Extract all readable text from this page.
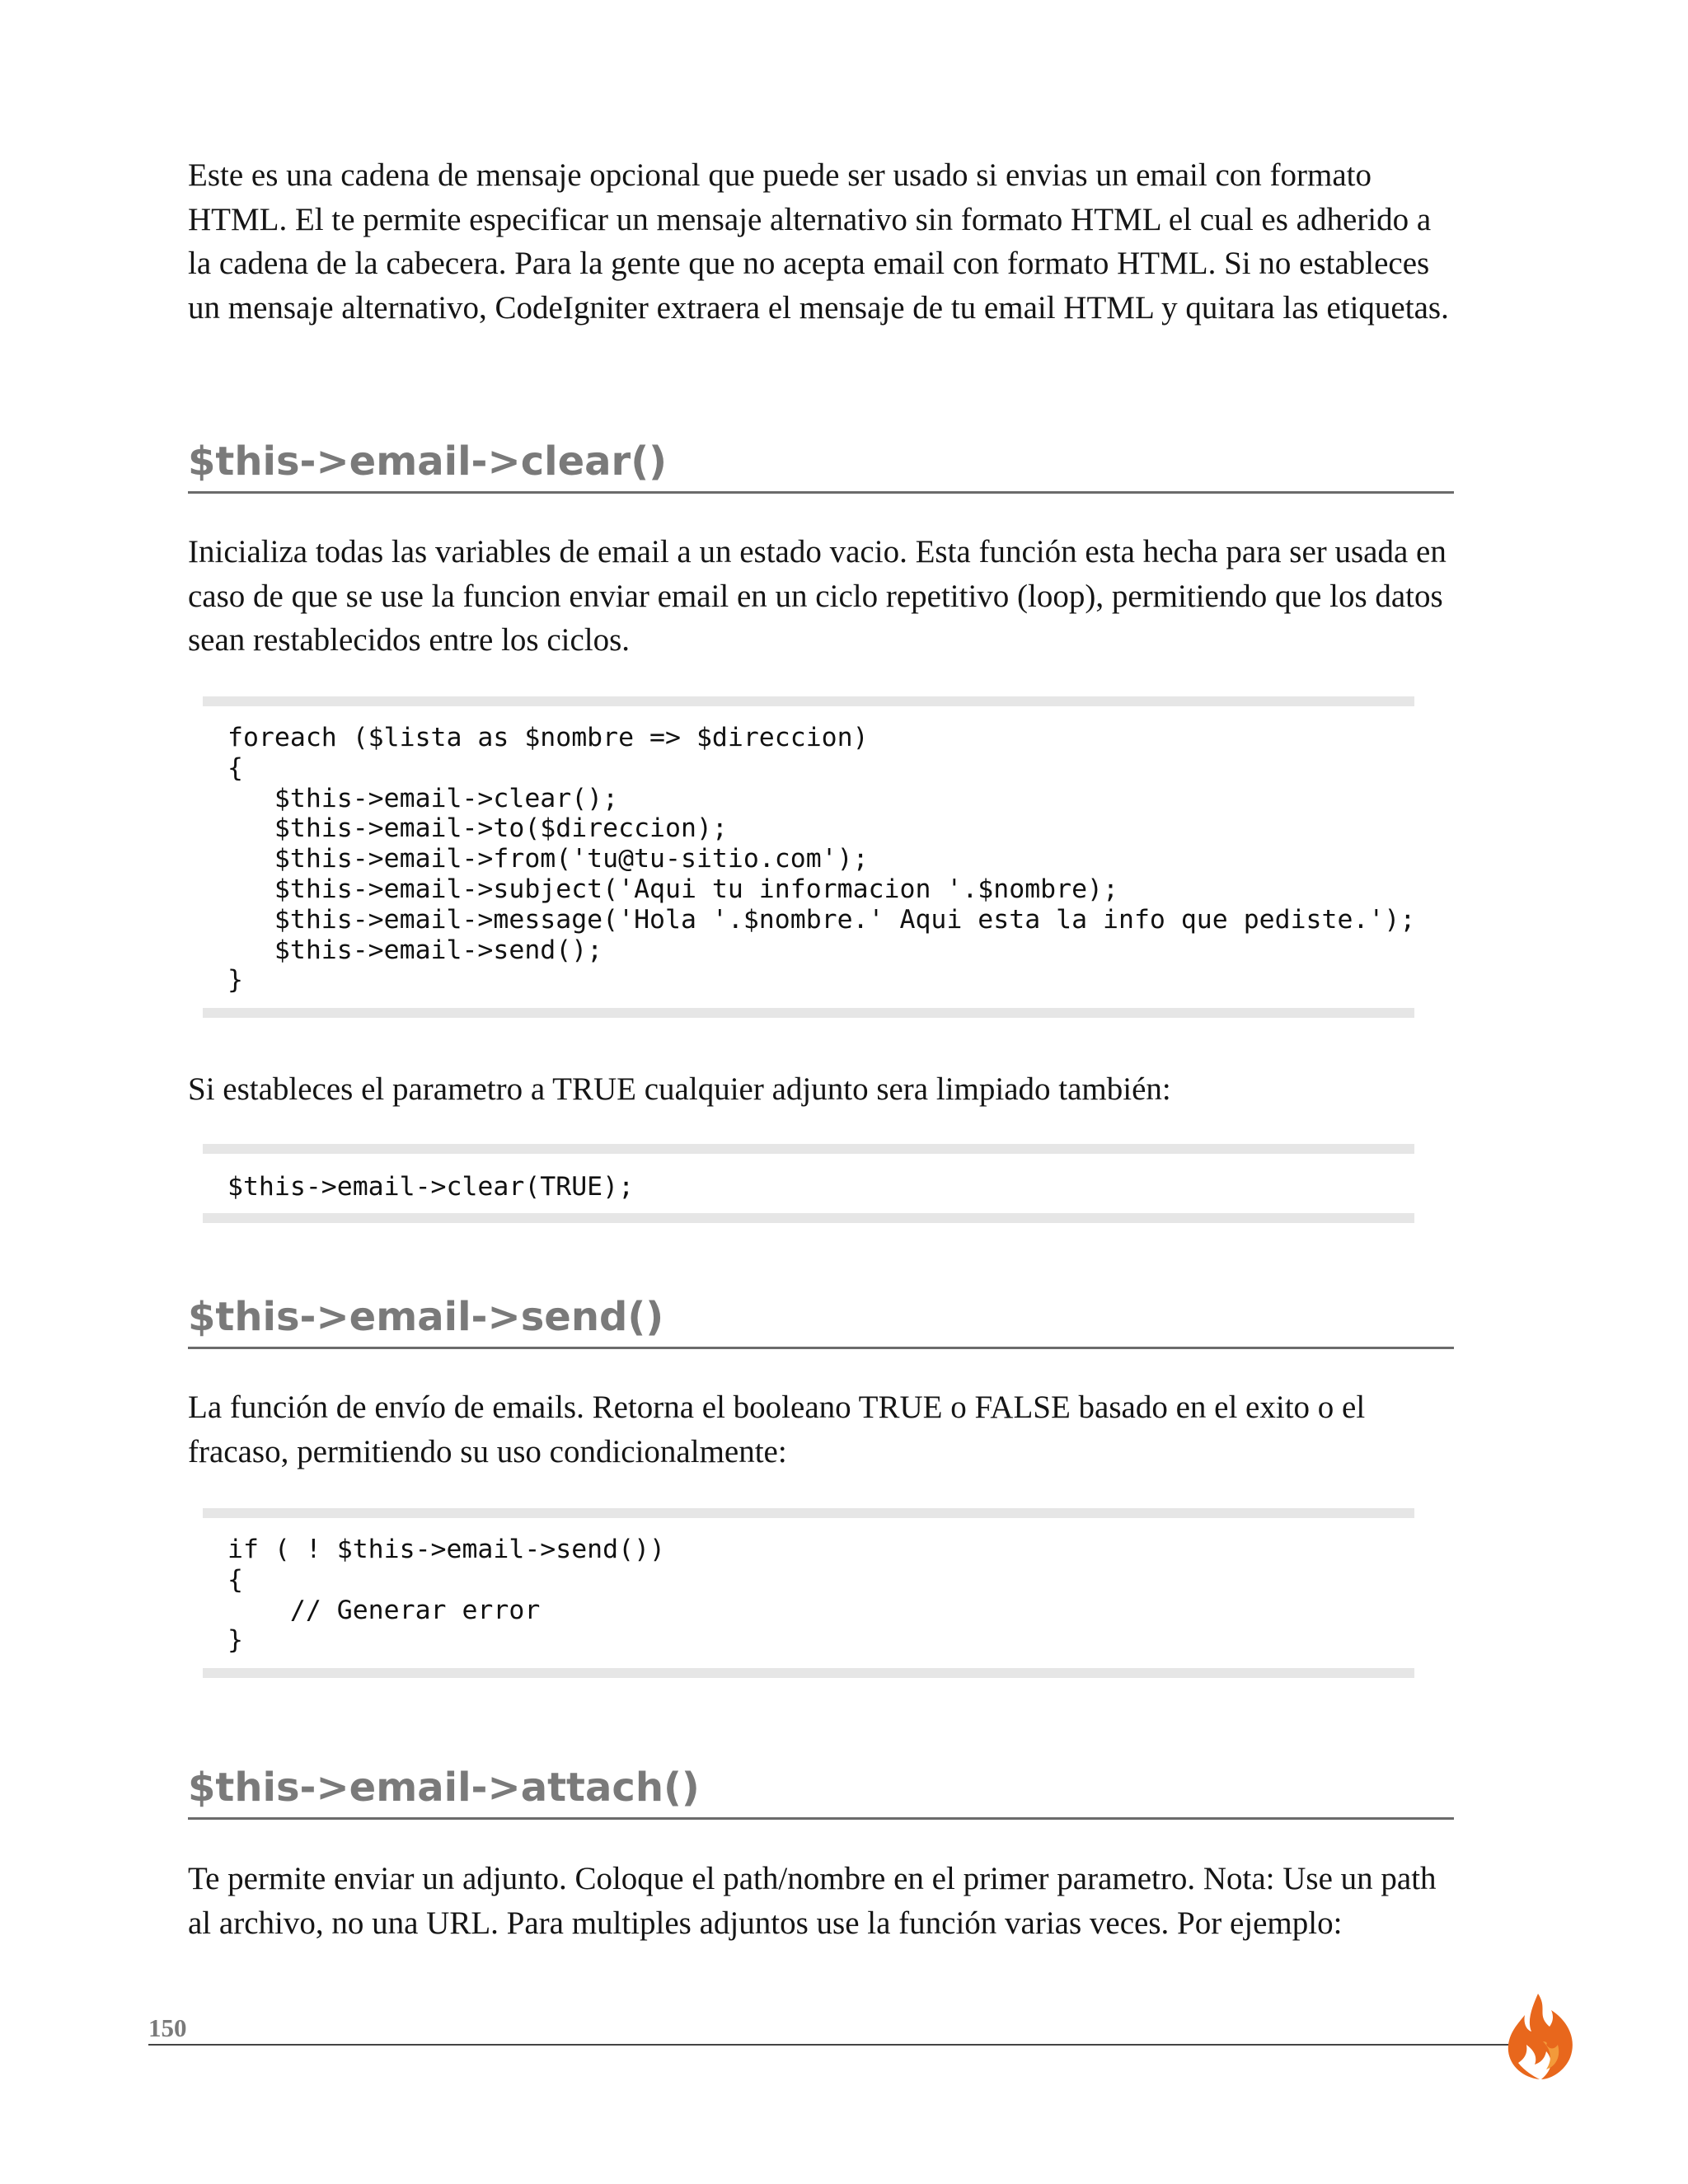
Este es una cadena de mensaje opcional que puede ser usado si envias un email con formato HTML. El te permite especificar un mensaje alternativo sin formato HTML el cual es adherido a la cadena de la cabecera. Para la gente que no acepta email con formato HTML. Si no estableces un mensaje alternativo, CodeIgniter extraera el mensaje de tu email HTML y quitara las etiquetas.

$this->email->clear()

Inicializa todas las variables de email a un estado vacio. Esta función esta hecha para ser usada en caso de que se use la funcion enviar email en un ciclo repetitivo (loop), permitiendo que los datos sean restablecidos entre los ciclos.

foreach ($lista as $nombre => $direccion)
{
$this->email->clear();
$this->email->to($direccion);
$this->email->from('tu@tu-sitio.com');
$this->email->subject('Aqui tu informacion '.$nombre);
$this->email->message('Hola '.$nombre.' Aqui esta la info que pediste.');
$this->email->send();
}

Si estableces el parametro a TRUE cualquier adjunto sera limpiado también:

$this->email->clear(TRUE);
$this->email->send()

La función de envío de emails. Retorna el booleano TRUE o FALSE basado en el exito o el fracaso, permitiendo su uso condicionalmente:

if ( ! $this->email->send())
{
// Generar error
}
$this->email->attach()

Te permite enviar un adjunto. Coloque el path/nombre en el primer parametro. Nota: Use un path al archivo, no una URL. Para multiples adjuntos use la función varias veces. Por ejemplo:

150
